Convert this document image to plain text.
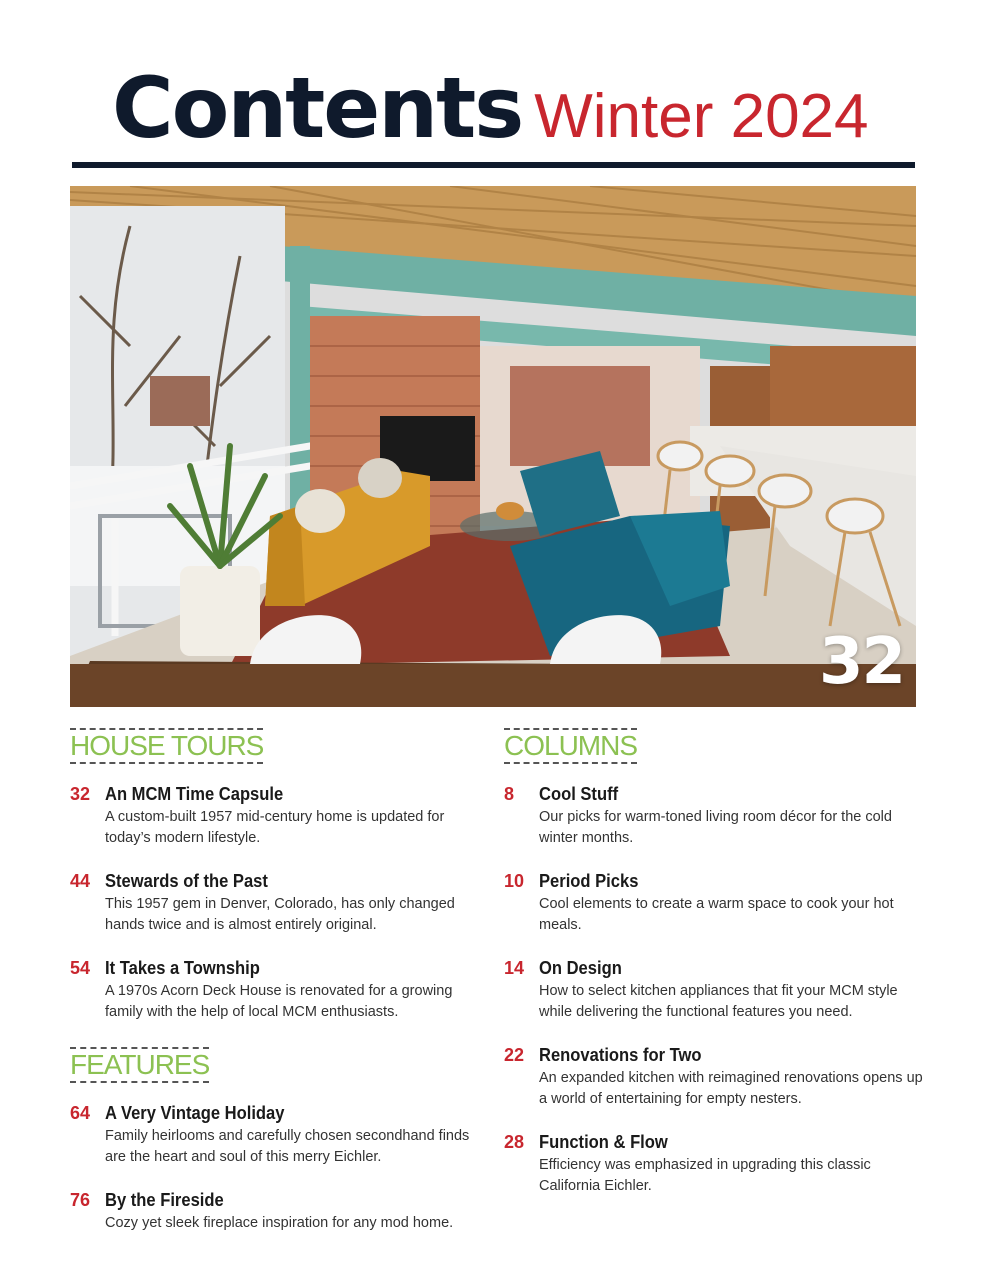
Contents Winter 2024
32
HOUSE TOURS
32 An MCM Time Capsule
A custom-built 1957 mid-century home is updated for today’s modern lifestyle.
44 Stewards of the Past
This 1957 gem in Denver, Colorado, has only changed hands twice and is almost entirely original.
54 It Takes a Township
A 1970s Acorn Deck House is renovated for a growing family with the help of local MCM enthusiasts.
FEATURES
64 A Very Vintage Holiday
Family heirlooms and carefully chosen secondhand finds are the heart and soul of this merry Eichler.
76 By the Fireside
Cozy yet sleek fireplace inspiration for any mod home.
COLUMNS
8	Cool Stuff
Our picks for warm-toned living room décor for the cold winter months.
10 Period Picks
Cool elements to create a warm space to cook your hot meals.
14 On Design
How to select kitchen appliances that fit your MCM style while delivering the functional features you need.
22 Renovations for Two
An expanded kitchen with reimagined renovations opens up a world of entertaining for empty nesters.
28 Function & Flow
Efficiency was emphasized in upgrading this classic California Eichler.
